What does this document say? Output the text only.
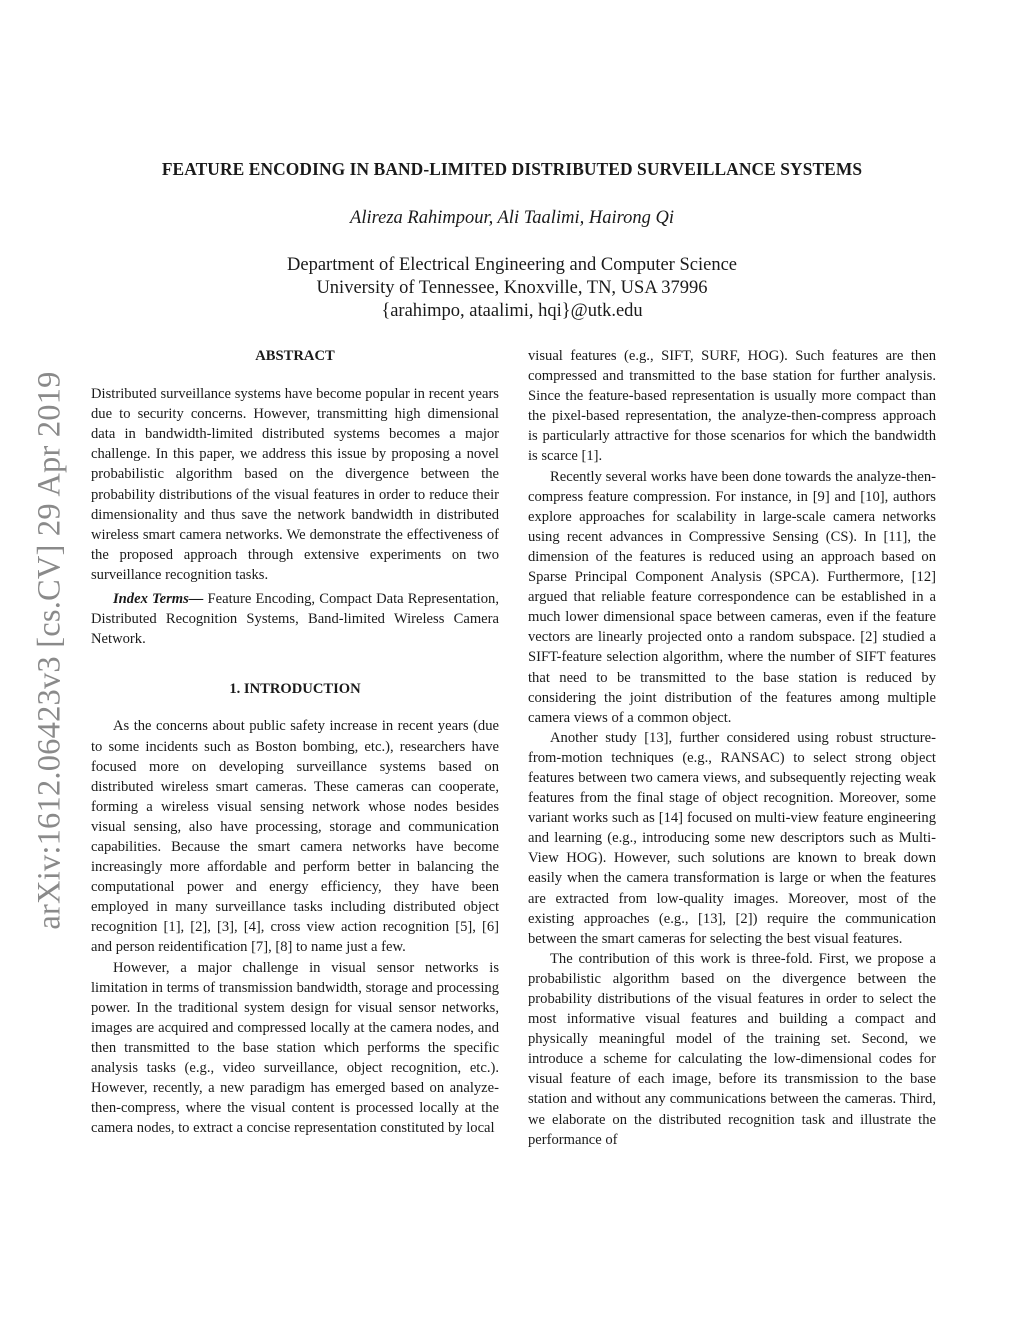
arXiv:1612.06423v3 [cs.CV] 29 Apr 2019
FEATURE ENCODING IN BAND-LIMITED DISTRIBUTED SURVEILLANCE SYSTEMS
Alireza Rahimpour, Ali Taalimi, Hairong Qi
Department of Electrical Engineering and Computer Science
University of Tennessee, Knoxville, TN, USA 37996
{arahimpo, ataalimi, hqi}@utk.edu
ABSTRACT

Distributed surveillance systems have become popular in recent years due to security concerns. However, transmitting high dimensional data in bandwidth-limited distributed systems becomes a major challenge. In this paper, we address this issue by proposing a novel probabilistic algorithm based on the divergence between the probability distributions of the visual features in order to reduce their dimensionality and thus save the network bandwidth in distributed wireless smart camera networks. We demonstrate the effectiveness of the proposed approach through extensive experiments on two surveillance recognition tasks.

Index Terms— Feature Encoding, Compact Data Representation, Distributed Recognition Systems, Band-limited Wireless Camera Network.

1. INTRODUCTION

As the concerns about public safety increase in recent years (due to some incidents such as Boston bombing, etc.), researchers have focused more on developing surveillance systems based on distributed wireless smart cameras. These cameras can cooperate, forming a wireless visual sensing network whose nodes besides visual sensing, also have processing, storage and communication capabilities. Because the smart camera networks have become increasingly more affordable and perform better in balancing the computational power and energy efficiency, they have been employed in many surveillance tasks including distributed object recognition [1], [2], [3], [4], cross view action recognition [5], [6] and person reidentification [7], [8] to name just a few.

However, a major challenge in visual sensor networks is limitation in terms of transmission bandwidth, storage and processing power. In the traditional system design for visual sensor networks, images are acquired and compressed locally at the camera nodes, and then transmitted to the base station which performs the specific analysis tasks (e.g., video surveillance, object recognition, etc.). However, recently, a new paradigm has emerged based on analyze-then-compress, where the visual content is processed locally at the camera nodes, to extract a concise representation constituted by local

visual features (e.g., SIFT, SURF, HOG). Such features are then compressed and transmitted to the base station for further analysis. Since the feature-based representation is usually more compact than the pixel-based representation, the analyze-then-compress approach is particularly attractive for those scenarios for which the bandwidth is scarce [1].

Recently several works have been done towards the analyze-then-compress feature compression. For instance, in [9] and [10], authors explore approaches for scalability in large-scale camera networks using recent advances in Compressive Sensing (CS). In [11], the dimension of the features is reduced using an approach based on Sparse Principal Component Analysis (SPCA). Furthermore, [12] argued that reliable feature correspondence can be established in a much lower dimensional space between cameras, even if the feature vectors are linearly projected onto a random subspace. [2] studied a SIFT-feature selection algorithm, where the number of SIFT features that need to be transmitted to the base station is reduced by considering the joint distribution of the features among multiple camera views of a common object.

Another study [13], further considered using robust structure-from-motion techniques (e.g., RANSAC) to select strong object features between two camera views, and subsequently rejecting weak features from the final stage of object recognition. Moreover, some variant works such as [14] focused on multi-view feature engineering and learning (e.g., introducing some new descriptors such as Multi-View HOG). However, such solutions are known to break down easily when the camera transformation is large or when the features are extracted from low-quality images. Moreover, most of the existing approaches (e.g., [13], [2]) require the communication between the smart cameras for selecting the best visual features.

The contribution of this work is three-fold. First, we propose a probabilistic algorithm based on the divergence between the probability distributions of the visual features in order to select the most informative visual features and building a compact and physically meaningful model of the training set. Second, we introduce a scheme for calculating the low-dimensional codes for visual feature of each image, before its transmission to the base station and without any communications between the cameras. Third, we elaborate on the distributed recognition task and illustrate the performance of
